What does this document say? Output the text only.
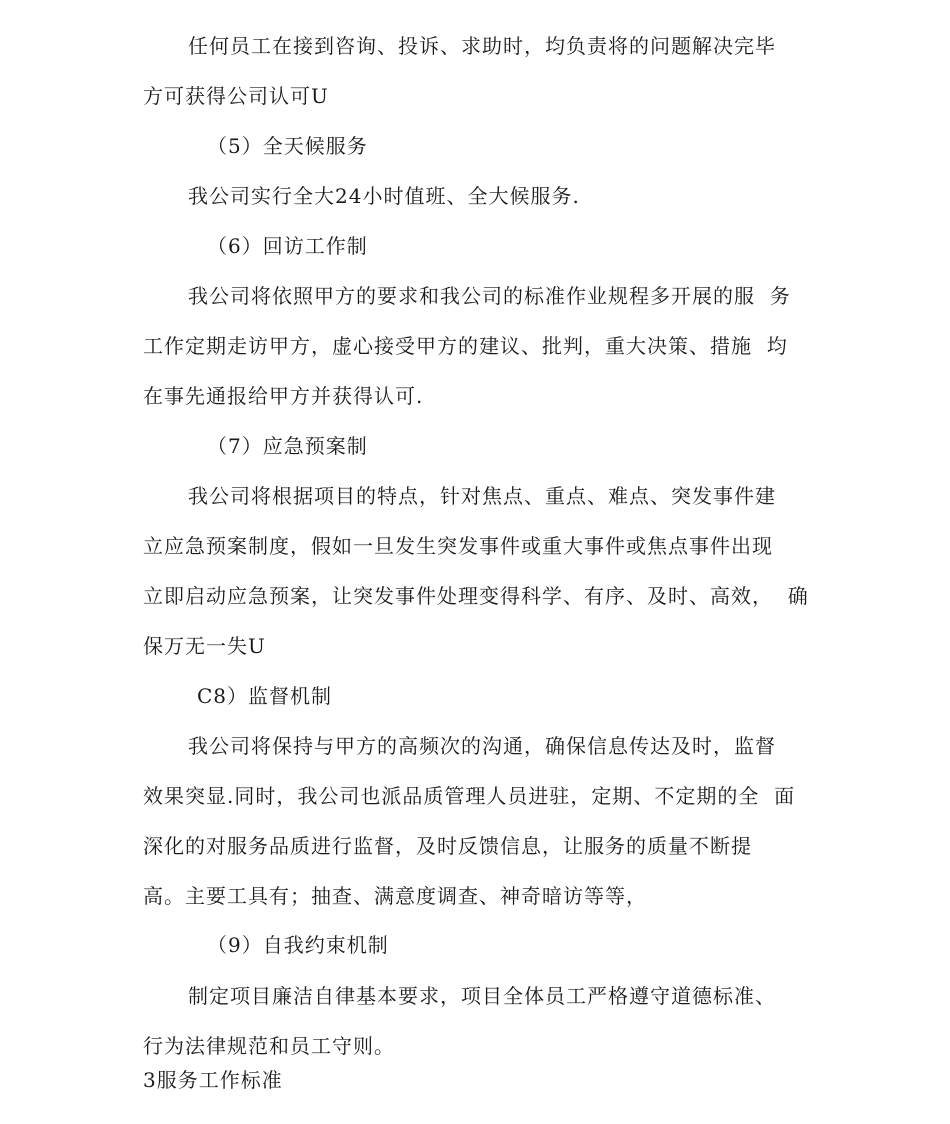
任何员工在接到咨询、投诉、求助时，均负责将的问题解决完毕
方可获得公司认可U
（5）全天候服务
我公司实行全大24小时值班、全大候服务.
（6）回访工作制
我公司将依照甲方的要求和我公司的标准作业规程多开展的服  务
工作定期走访甲方，虚心接受甲方的建议、批判，重大决策、措施  均
在事先通报给甲方并获得认可.
（7）应急预案制
我公司将根据项目的特点，针对焦点、重点、难点、突发事件建
立应急预案制度，假如一旦发生突发事件或重大事件或焦点事件出现
立即启动应急预案，让突发事件处理变得科学、有序、及时、高效，  确
保万无一失U
C8）监督机制
我公司将保持与甲方的高频次的沟通，确保信息传达及时，监督
效果突显.同时，我公司也派品质管理人员进驻，定期、不定期的全  面
深化的对服务品质进行监督，及时反馈信息，让服务的质量不断提
高。主要工具有；抽查、满意度调查、神奇暗访等等，
（9）自我约束机制
制定项目廉洁自律基本要求，项目全体员工严格遵守道德标准、
行为法律规范和员工守则。
3服务工作标准
